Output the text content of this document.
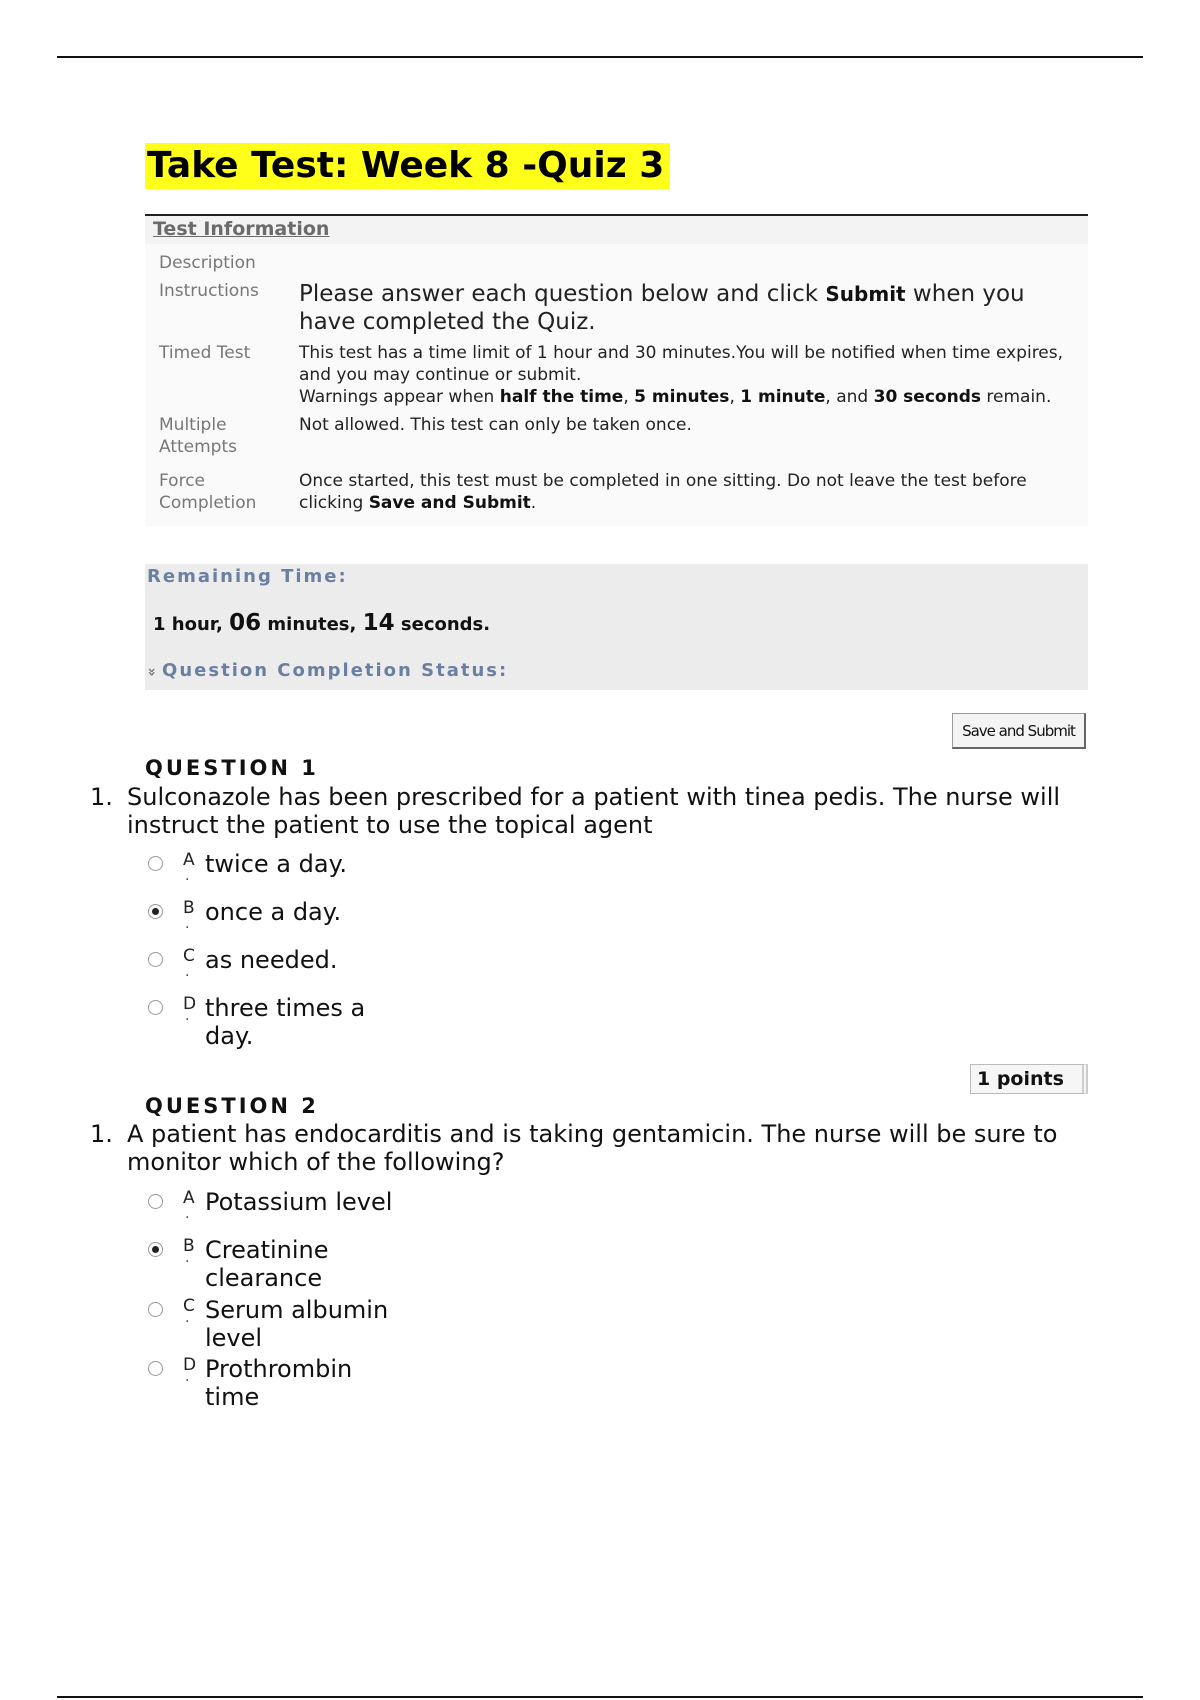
Take Test: Week 8 -Quiz 3
Test Information
Description
Instructions	Please answer each question below and click Submit when you have completed the Quiz.
Timed Test	This test has a time limit of 1 hour and 30 minutes.You will be notified when time expires, and you may continue or submit.
Warnings appear when half the time, 5 minutes, 1 minute, and 30 seconds remain.
Multiple Attempts
Not allowed. This test can only be taken once.
Force Completion
Once started, this test must be completed in one sitting. Do not leave the test before clicking Save and Submit.
Remaining Time:
1 hour, 06 minutes, 14 seconds.
» Question Completion Status:
Save and Submit
QUESTION 1
1. Sulconazole has been prescribed for a patient with tinea pedis. The nurse will instruct the patient to use the topical agent
A
·
twice a day.
B
·
once a day.
C
·
as needed.
D
· three times a
day.
QUESTION 2
1. A patient has endocarditis and is taking gentamicin. The nurse will be sure to monitor which of the following?
A
·
Potassium level
B
· Creatinine
clearance
C
· Serum albumin
level
D
· Prothrombin
time
1 points
